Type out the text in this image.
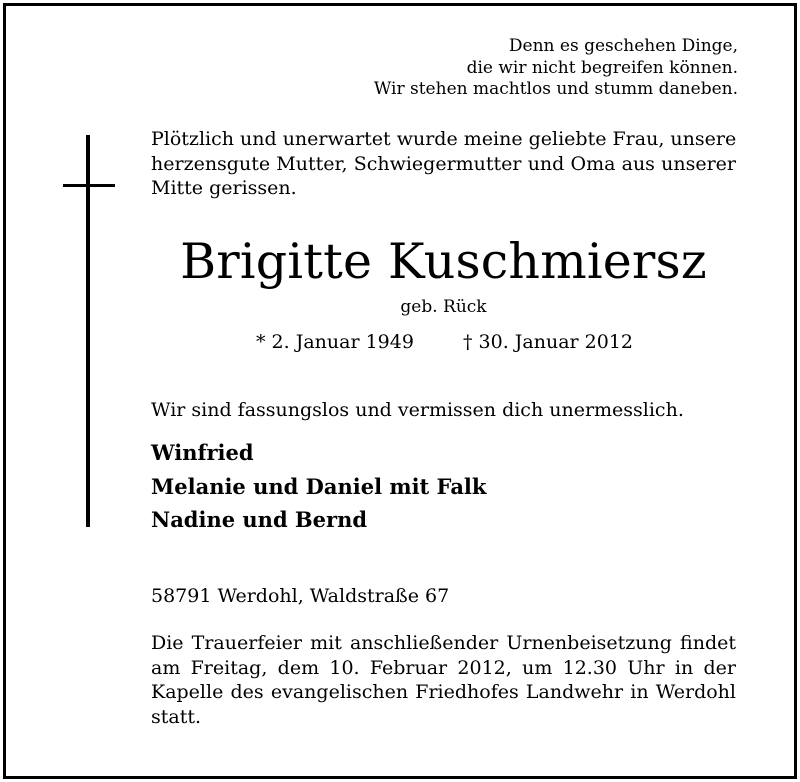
Denn es geschehen Dinge,
die wir nicht begreifen können.
Wir stehen machtlos und stumm daneben.
Plötzlich und unerwartet wurde meine geliebte Frau, unsere
herzensgute Mutter, Schwiegermutter und Oma aus unserer
Mitte gerissen.
Brigitte Kuschmiersz
geb. Rück
* 2. Januar 1949	† 30. Januar 2012
Wir sind fassungslos und vermissen dich unermesslich.
Winfried
Melanie und Daniel mit Falk
Nadine und Bernd
58791 Werdohl, Waldstraße 67
Die Trauerfeier mit anschließender Urnenbeisetzung findet
am Freitag, dem 10. Februar 2012, um 12.30 Uhr in der
Kapelle des evangelischen Friedhofes Landwehr in Werdohl
statt.
